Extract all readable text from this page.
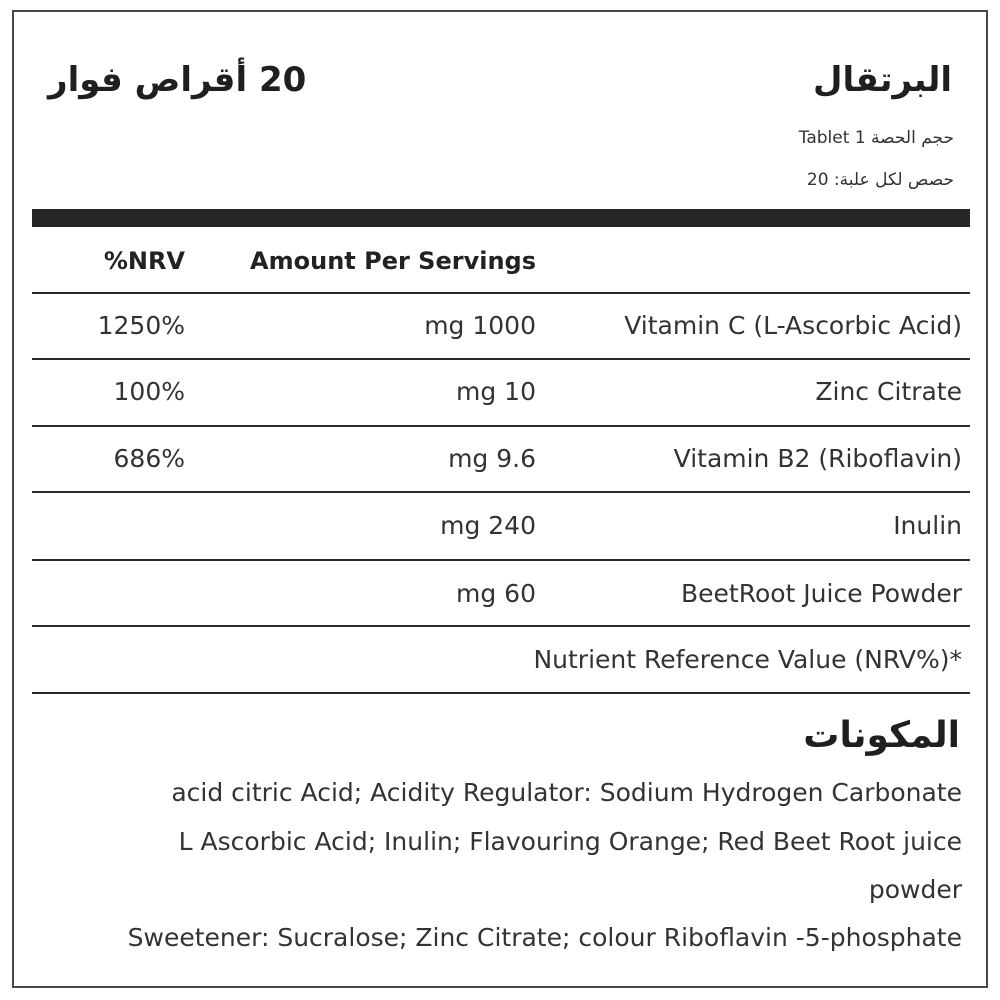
البرتقال
20 أقراص فوار
حجم الحصة 1 Tablet
حصص لكل علبة: 20
%NRV	Amount Per Servings
Vitamin C (L-Ascorbic Acid)
mg 1000
1250%
Zinc Citrate
mg 10
100%
Vitamin B2 (Riboflavin)
mg 9.6
686%
Inulin
mg 240
BeetRoot Juice Powder
mg 60
Nutrient Reference Value (NRV%)*
المكونات
acid citric Acid; Acidity Regulator: Sodium Hydrogen Carbonate
L Ascorbic Acid; Inulin; Flavouring Orange; Red Beet Root juice
powder
Sweetener: Sucralose; Zinc Citrate; colour Riboflavin -5-phosphate
